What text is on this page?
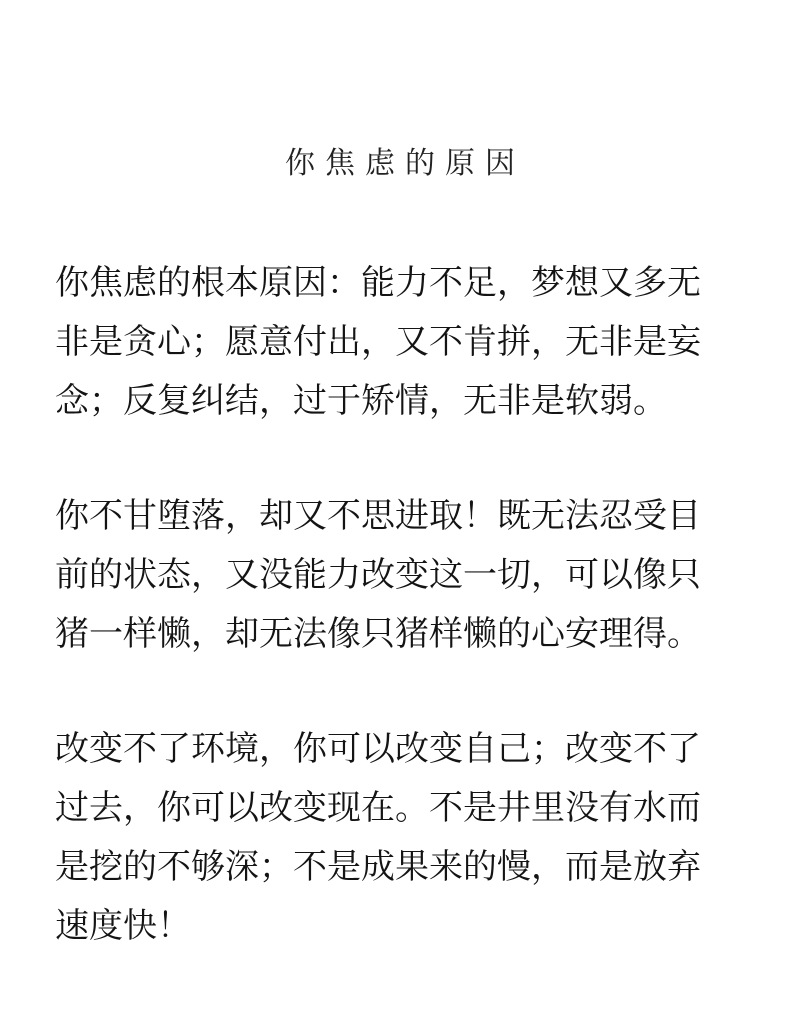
你焦虑的原因
你焦虑的根本原因：能力不足，梦想又多无
非是贪心；愿意付出，又不肯拼，无非是妄
念；反复纠结，过于矫情，无非是软弱。
你不甘堕落，却又不思进取！既无法忍受目
前的状态，又没能力改变这一切，可以像只
猪一样懒，却无法像只猪样懒的心安理得。
改变不了环境，你可以改变自己；改变不了
过去，你可以改变现在。不是井里没有水而
是挖的不够深；不是成果来的慢，而是放弃
速度快！
